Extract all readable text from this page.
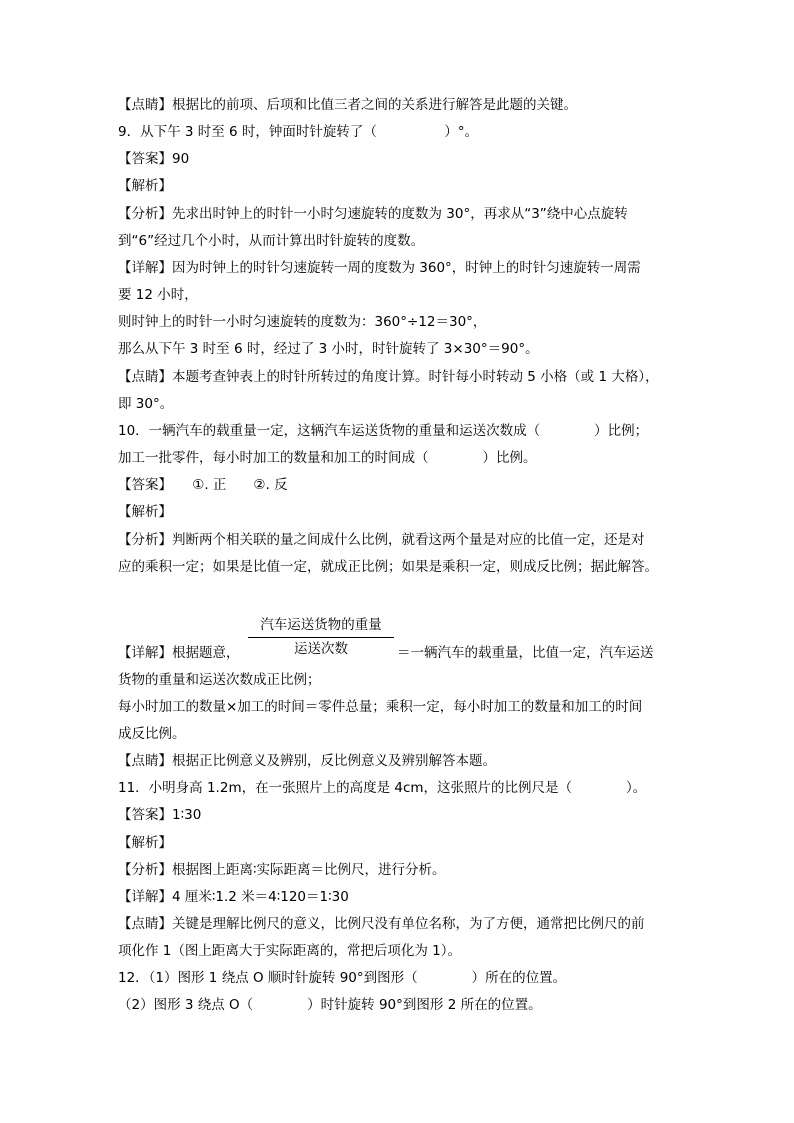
【点睛】根据比的前项、后项和比值三者之间的关系进行解答是此题的关键。
9．从下午 3 时至 6 时，钟面时针旋转了（　　　　　）°。
【答案】90
【解析】
【分析】先求出时钟上的时针一小时匀速旋转的度数为 30°，再求从“3”绕中心点旋转
到“6”经过几个小时，从而计算出时针旋转的度数。
【详解】因为时钟上的时针匀速旋转一周的度数为 360°，时钟上的时针匀速旋转一周需
要 12 小时，
则时钟上的时针一小时匀速旋转的度数为：360°÷12＝30°，
那么从下午 3 时至 6 时，经过了 3 小时，时针旋转了 3×30°＝90°。
【点睛】本题考查钟表上的时针所转过的角度计算。时针每小时转动 5 小格（或 1 大格），
即 30°。
10．一辆汽车的载重量一定，这辆汽车运送货物的重量和运送次数成（　　　　）比例；
加工一批零件，每小时加工的数量和加工的时间成（　　　　）比例。
【答案】　　①. 正　　②. 反
【解析】
【分析】判断两个相关联的量之间成什么比例，就看这两个量是对应的比值一定，还是对
应的乘积一定；如果是比值一定，就成正比例；如果是乘积一定，则成反比例；据此解答。
汽车运送货物的重量
运送次数
【详解】根据题意，	＝一辆汽车的载重量，比值一定，汽车运送
货物的重量和运送次数成正比例；
每小时加工的数量×加工的时间＝零件总量；乘积一定，每小时加工的数量和加工的时间
成反比例。
【点睛】根据正比例意义及辨别，反比例意义及辨别解答本题。
11．小明身高 1.2m，在一张照片上的高度是 4cm，这张照片的比例尺是（　　　　）。
【答案】1∶30
【解析】
【分析】根据图上距离∶实际距离＝比例尺，进行分析。
【详解】4 厘米∶1.2 米＝4∶120＝1∶30
【点睛】关键是理解比例尺的意义，比例尺没有单位名称，为了方便，通常把比例尺的前
项化作 1（图上距离大于实际距离的，常把后项化为 1）。
12．（1）图形 1 绕点 O 顺时针旋转 90°到图形（　　　　）所在的位置。
（2）图形 3 绕点 O（　　　　）时针旋转 90°到图形 2 所在的位置。
